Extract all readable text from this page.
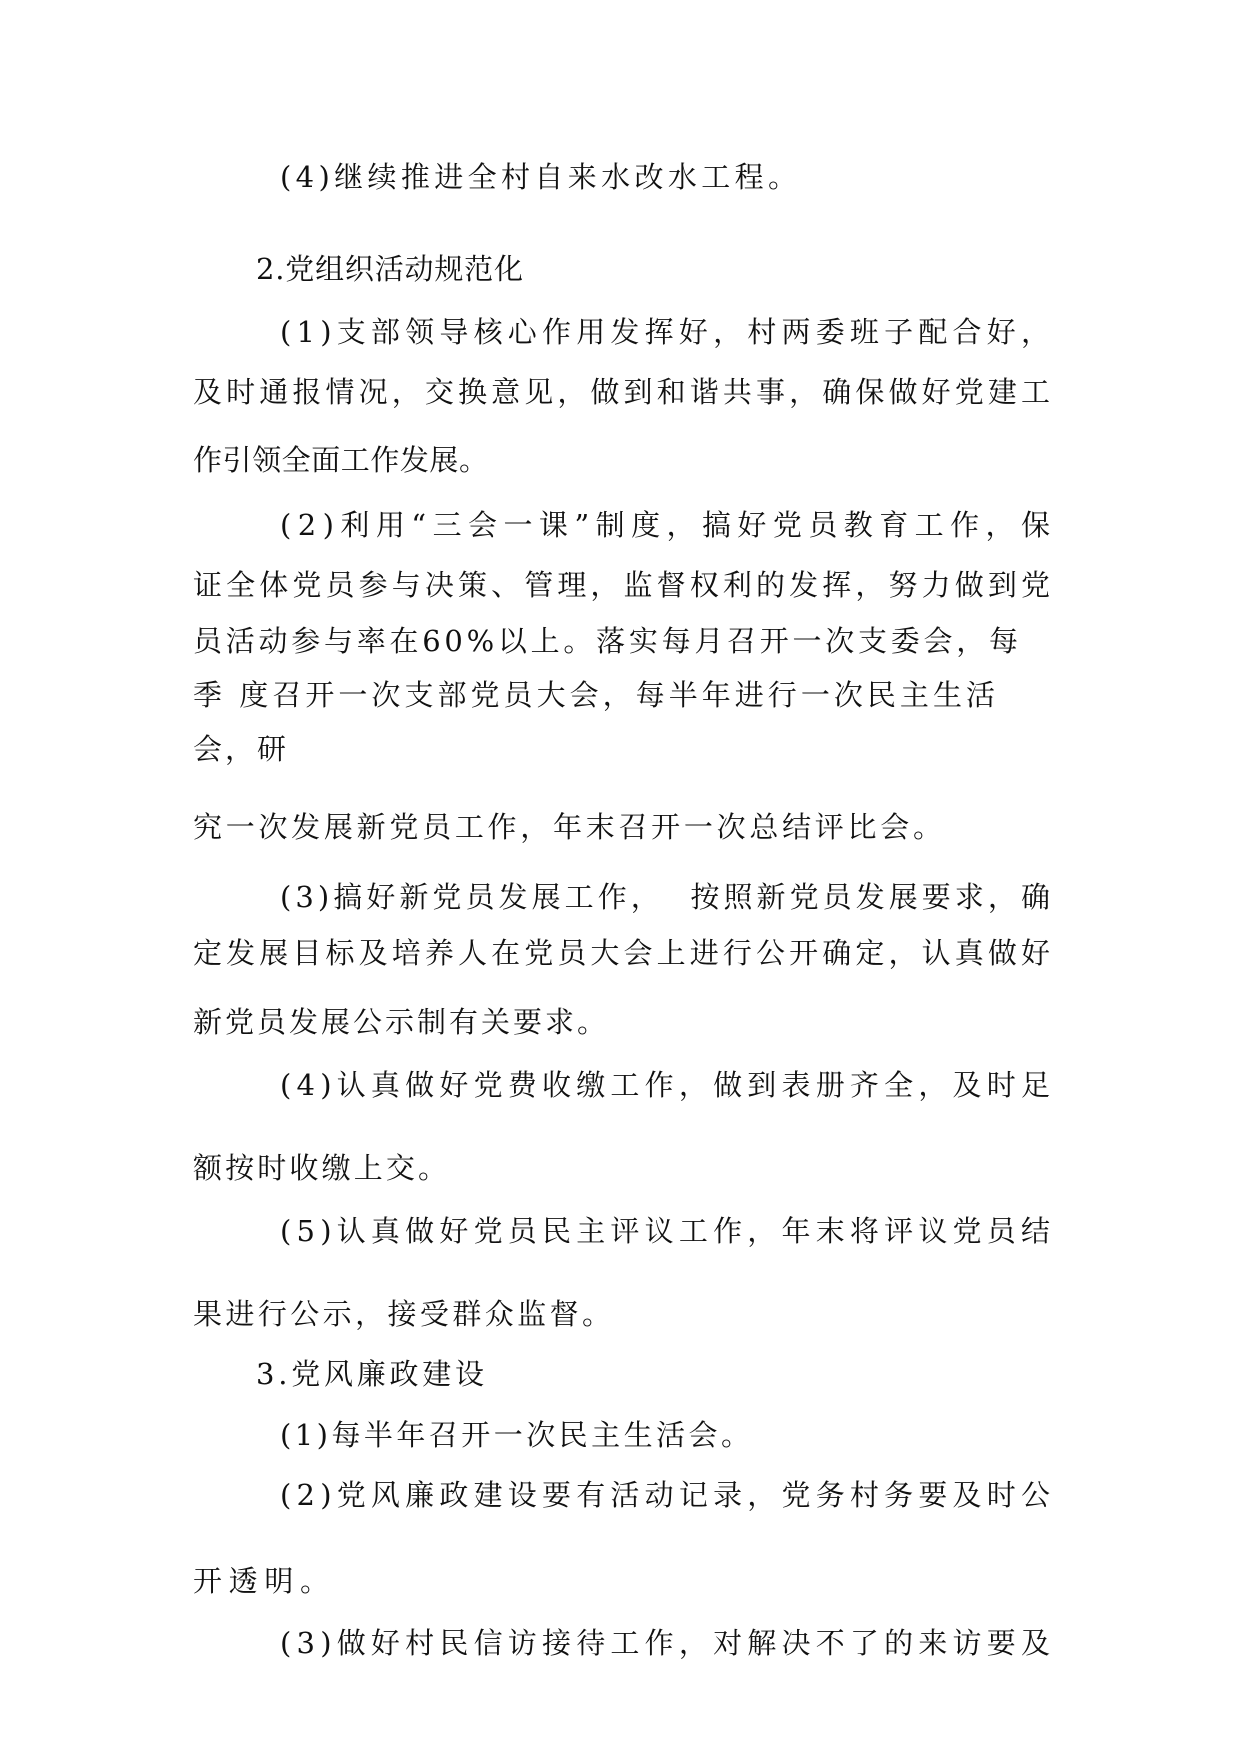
(4)继续推进全村自来水改水工程。
2.党组织活动规范化
(1)支部领导核心作用发挥好，村两委班子配合好，
及时通报情况，交换意见，做到和谐共事，确保做好党建工
作引领全面工作发展。
(2)利用“三会一课”制度，搞好党员教育工作，保
证全体党员参与决策、管理，监督权利的发挥，努力做到党
员活动参与率在60%以上。落实每月召开一次支委会，每
季 度召开一次支部党员大会，每半年进行一次民主生活
会，研
究一次发展新党员工作，年末召开一次总结评比会。
(3)搞好新党员发展工作，  按照新党员发展要求，确
定发展目标及培养人在党员大会上进行公开确定，认真做好
新党员发展公示制有关要求。
(4)认真做好党费收缴工作，做到表册齐全，及时足
额按时收缴上交。
(5)认真做好党员民主评议工作，年末将评议党员结
果进行公示，接受群众监督。
3.党风廉政建设
(1)每半年召开一次民主生活会。
(2)党风廉政建设要有活动记录，党务村务要及时公
开透明。
(3)做好村民信访接待工作，对解决不了的来访要及
